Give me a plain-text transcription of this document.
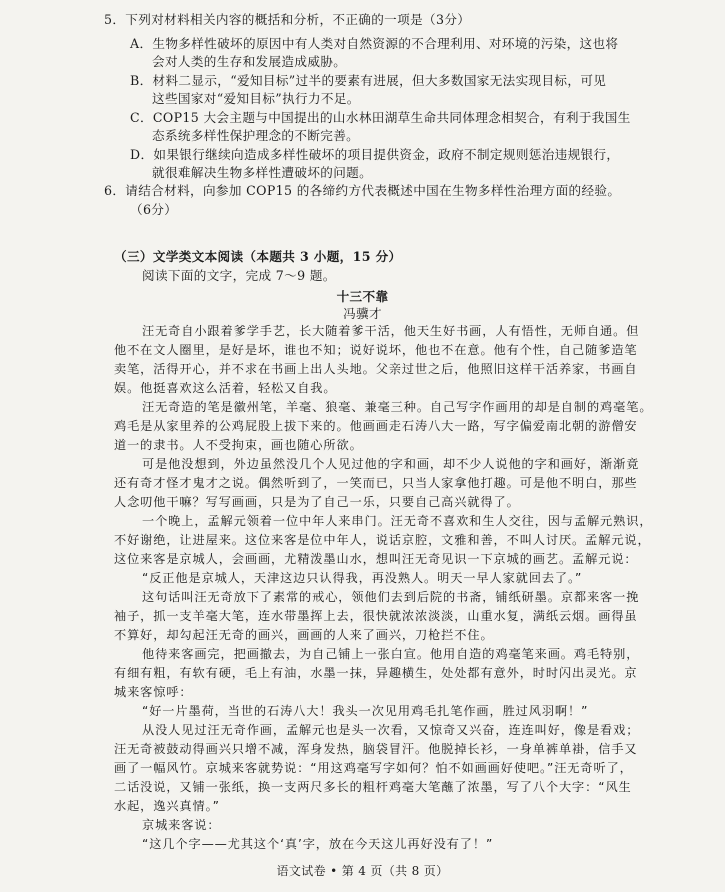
5．下列对材料相关内容的概括和分析，不正确的一项是（3分）
A．生物多样性破坏的原因中有人类对自然资源的不合理利用、对环境的污染，这也将
会对人类的生存和发展造成威胁。
B．材料二显示，“爱知目标”过半的要素有进展，但大多数国家无法实现目标，可见
这些国家对“爱知目标”执行力不足。
C．COP15 大会主题与中国提出的山水林田湖草生命共同体理念相契合，有利于我国生
态系统多样性保护理念的不断完善。
D．如果银行继续向造成多样性破坏的项目提供资金，政府不制定规则惩治违规银行，
就很难解决生物多样性遭破坏的问题。
6．请结合材料，向参加 COP15 的各缔约方代表概述中国在生物多样性治理方面的经验。
（6分）
（三）文学类文本阅读（本题共 3 小题，15 分）
阅读下面的文字，完成 7～9 题。
十三不靠
冯骥才
汪无奇自小跟着爹学手艺，长大随着爹干活，他天生好书画，人有悟性，无师自通。但
他不在文人圈里，是好是坏，谁也不知；说好说坏，他也不在意。他有个性，自己随爹造笔
卖笔，活得开心，并不求在书画上出人头地。父亲过世之后，他照旧这样干活养家，书画自
娱。他挺喜欢这么活着，轻松又自我。
汪无奇造的笔是徽州笔，羊毫、狼毫、兼毫三种。自己写字作画用的却是自制的鸡毫笔。
鸡毛是从家里养的公鸡屁股上拔下来的。他画画走石涛八大一路，写字偏爱南北朝的游僧安
道一的隶书。人不受拘束，画也随心所欲。
可是他没想到，外边虽然没几个人见过他的字和画，却不少人说他的字和画好，渐渐竟
还有奇才怪才鬼才之说。偶然听到了，一笑而已，只当人家拿他打趣。可是他不明白，那些
人念叨他干嘛？写写画画，只是为了自己一乐，只要自己高兴就得了。
一个晚上，孟解元领着一位中年人来串门。汪无奇不喜欢和生人交往，因与孟解元熟识，
不好谢绝，让进屋来。这位来客是位中年人，说话京腔，文雅和善，不叫人讨厌。孟解元说，
这位来客是京城人，会画画，尤精泼墨山水，想叫汪无奇见识一下京城的画艺。孟解元说：
“反正他是京城人，天津这边只认得我，再没熟人。明天一早人家就回去了。”
这句话叫汪无奇放下了素常的戒心，领他们去到后院的书斋，铺纸研墨。京都来客一挽
袖子，抓一支羊毫大笔，连水带墨挥上去，很快就浓浓淡淡，山重水复，满纸云烟。画得虽
不算好，却勾起汪无奇的画兴，画画的人来了画兴，刀枪拦不住。
他待来客画完，把画撤去，为自己铺上一张白宣。他用自造的鸡毫笔来画。鸡毛特别，
有细有粗，有软有硬，毛上有油，水墨一抹，异趣横生，处处都有意外，时时闪出灵光。京
城来客惊呼：
“好一片墨荷，当世的石涛八大！我头一次见用鸡毛扎笔作画，胜过风羽啊！”
从没人见过汪无奇作画，孟解元也是头一次看，又惊奇又兴奋，连连叫好，像是看戏；
汪无奇被鼓动得画兴只增不减，浑身发热，脑袋冒汗。他脱掉长衫，一身单裤单褂，信手又
画了一幅风竹。京城来客就势说：“用这鸡毫写字如何？怕不如画画好使吧。”汪无奇听了，
二话没说，又铺一张纸，换一支两尺多长的粗杆鸡毫大笔蘸了浓墨，写了八个大字：“风生
水起，逸兴真情。”
京城来客说：
“这几个字——尤其这个‘真’字，放在今天这儿再好没有了！”
语文试卷 • 第 4 页（共 8 页）
